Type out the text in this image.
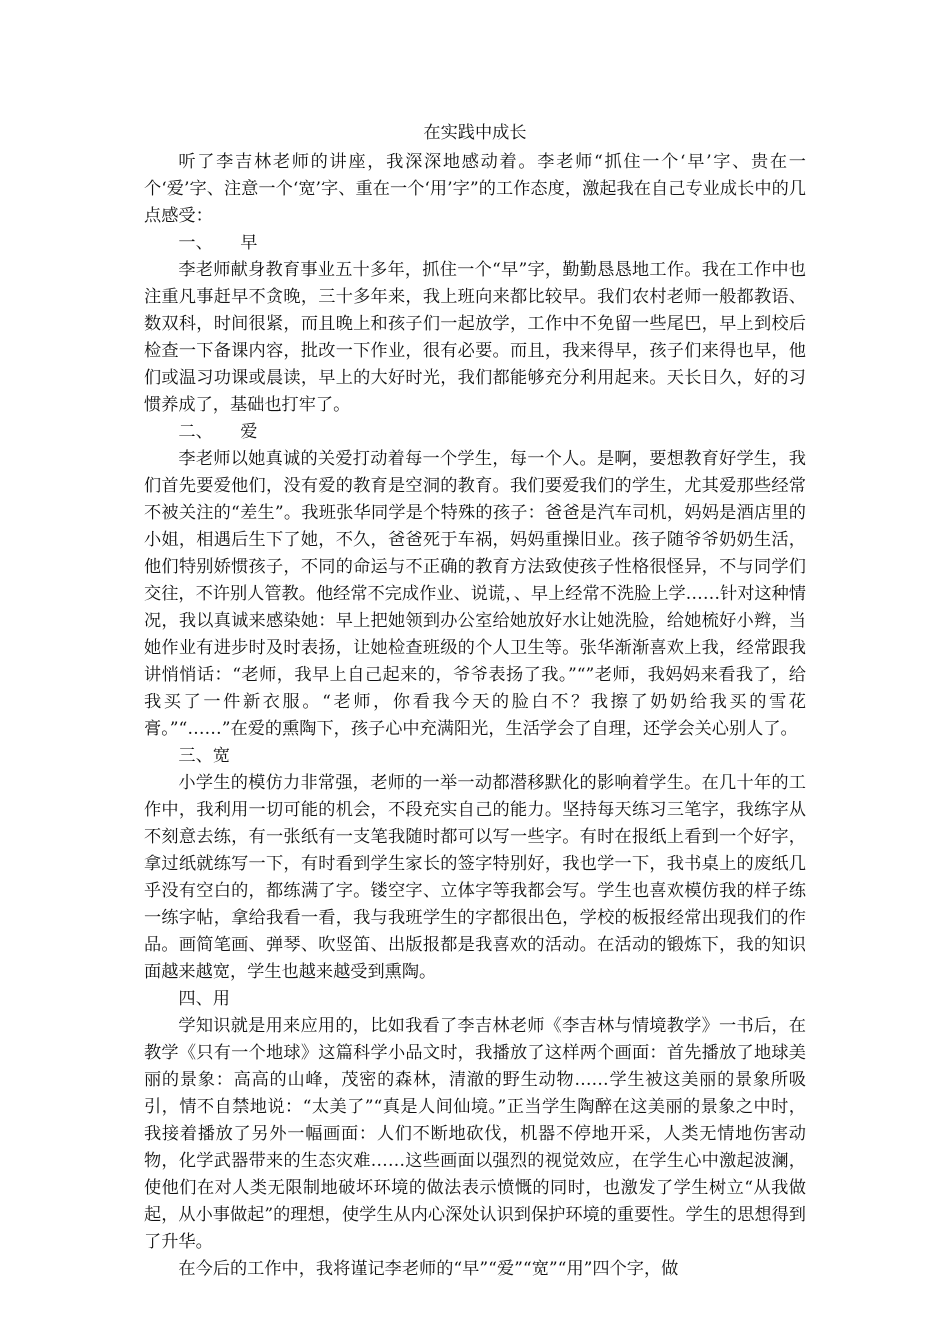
在实践中成长

听了李吉林老师的讲座，我深深地感动着。李老师“抓住一个‘早’字、贵在一个‘爱’字、注意一个‘宽’字、重在一个‘用’字”的工作态度，激起我在自己专业成长中的几点感受：

一、 早

李老师献身教育事业五十多年，抓住一个“早”字，勤勤恳恳地工作。我在工作中也注重凡事赶早不贪晚，三十多年来，我上班向来都比较早。我们农村老师一般都教语、数双科，时间很紧，而且晚上和孩子们一起放学，工作中不免留一些尾巴，早上到校后检查一下备课内容，批改一下作业，很有必要。而且，我来得早，孩子们来得也早，他们或温习功课或晨读，早上的大好时光，我们都能够充分利用起来。天长日久，好的习惯养成了，基础也打牢了。

二、 爱

李老师以她真诚的关爱打动着每一个学生，每一个人。是啊，要想教育好学生，我们首先要爱他们，没有爱的教育是空洞的教育。我们要爱我们的学生，尤其爱那些经常不被关注的“差生”。我班张华同学是个特殊的孩子：爸爸是汽车司机，妈妈是酒店里的小姐，相遇后生下了她，不久，爸爸死于车祸，妈妈重操旧业。孩子随爷爷奶奶生活，他们特别娇惯孩子，不同的命运与不正确的教育方法致使孩子性格很怪异，不与同学们交往，不许别人管教。他经常不完成作业、说谎，、早上经常不洗脸上学……针对这种情况，我以真诚来感染她：早上把她领到办公室给她放好水让她洗脸，给她梳好小辫，当她作业有进步时及时表扬，让她检查班级的个人卫生等。张华渐渐喜欢上我，经常跟我讲悄悄话：“老师，我早上自己起来的，爷爷表扬了我。”“”老师，我妈妈来看我了，给我买了一件新衣服。“老师，你看我今天的脸白不？我擦了奶奶给我买的雪花膏。”“……”在爱的熏陶下，孩子心中充满阳光，生活学会了自理，还学会关心别人了。

三、宽

小学生的模仿力非常强，老师的一举一动都潜移默化的影响着学生。在几十年的工作中，我利用一切可能的机会，不段充实自己的能力。坚持每天练习三笔字，我练字从不刻意去练，有一张纸有一支笔我随时都可以写一些字。有时在报纸上看到一个好字，拿过纸就练写一下，有时看到学生家长的签字特别好，我也学一下，我书桌上的废纸几乎没有空白的，都练满了字。镂空字、立体字等我都会写。学生也喜欢模仿我的样子练一练字帖，拿给我看一看，我与我班学生的字都很出色，学校的板报经常出现我们的作品。画简笔画、弹琴、吹竖笛、出版报都是我喜欢的活动。在活动的锻炼下，我的知识面越来越宽，学生也越来越受到熏陶。

四、用

学知识就是用来应用的，比如我看了李吉林老师《李吉林与情境教学》一书后，在教学《只有一个地球》这篇科学小品文时，我播放了这样两个画面：首先播放了地球美丽的景象：高高的山峰，茂密的森林，清澈的野生动物……学生被这美丽的景象所吸引，情不自禁地说：“太美了”“真是人间仙境。”正当学生陶醉在这美丽的景象之中时，我接着播放了另外一幅画面：人们不断地砍伐，机器不停地开采，人类无情地伤害动物，化学武器带来的生态灾难……这些画面以强烈的视觉效应，在学生心中激起波澜，使他们在对人类无限制地破坏环境的做法表示愤慨的同时，也激发了学生树立“从我做起，从小事做起”的理想，使学生从内心深处认识到保护环境的重要性。学生的思想得到了升华。

在今后的工作中，我将谨记李老师的“早”“爱”“宽”“用”四个字，做
